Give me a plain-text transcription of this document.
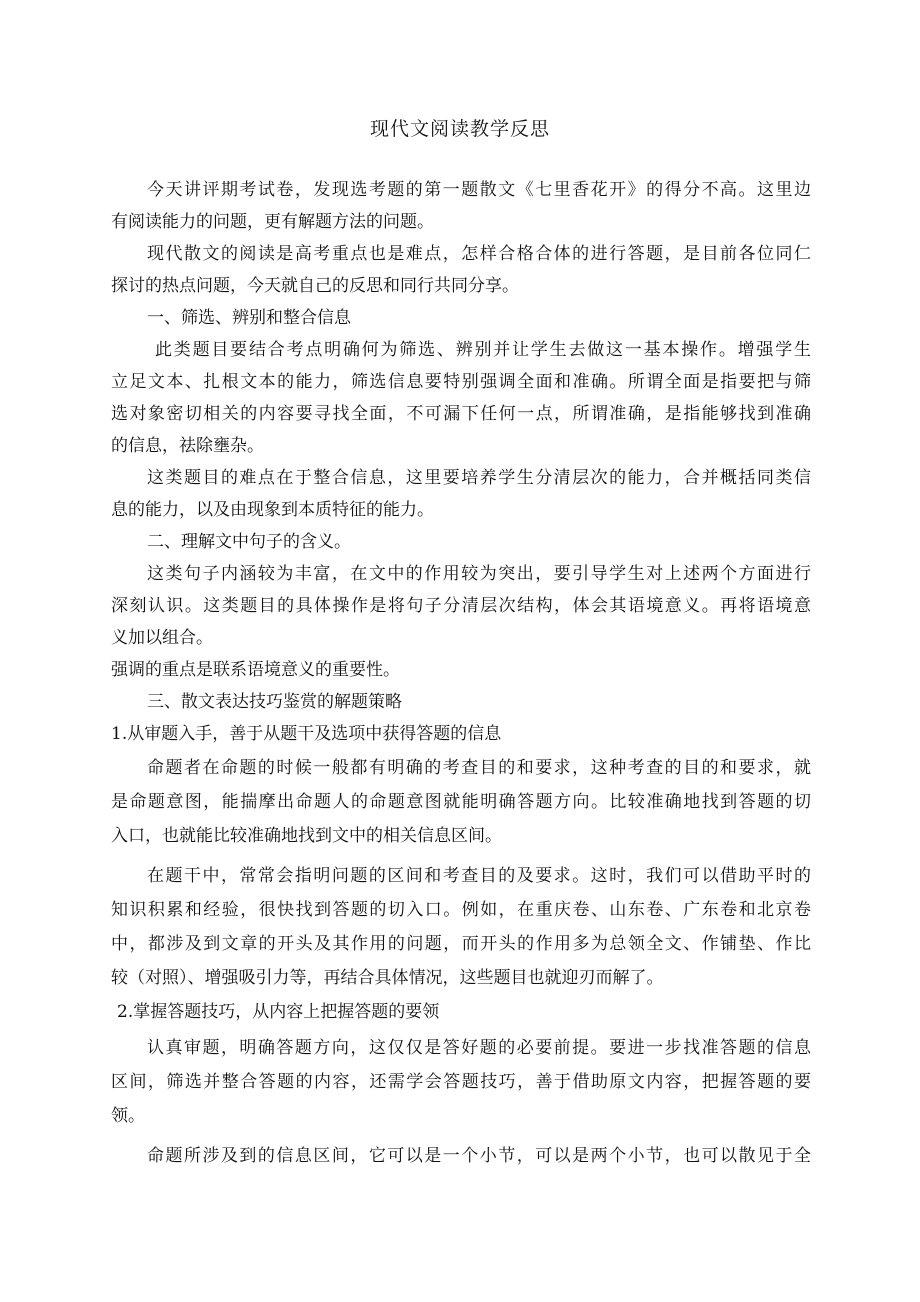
现代文阅读教学反思
今天讲评期考试卷，发现选考题的第一题散文《七里香花开》的得分不高。这里边
有阅读能力的问题，更有解题方法的问题。
现代散文的阅读是高考重点也是难点，怎样合格合体的进行答题，是目前各位同仁
探讨的热点问题，今天就自己的反思和同行共同分享。
一、筛选、辨别和整合信息
此类题目要结合考点明确何为筛选、辨别并让学生去做这一基本操作。增强学生
立足文本、扎根文本的能力，筛选信息要特别强调全面和准确。所谓全面是指要把与筛
选对象密切相关的内容要寻找全面，不可漏下任何一点，所谓准确，是指能够找到准确
的信息，祛除壅杂。
这类题目的难点在于整合信息，这里要培养学生分清层次的能力，合并概括同类信
息的能力，以及由现象到本质特征的能力。
二、理解文中句子的含义。
这类句子内涵较为丰富，在文中的作用较为突出，要引导学生对上述两个方面进行
深刻认识。这类题目的具体操作是将句子分清层次结构，体会其语境意义。再将语境意
义加以组合。
强调的重点是联系语境意义的重要性。
三、散文表达技巧鉴赏的解题策略
1.从审题入手，善于从题干及选项中获得答题的信息
命题者在命题的时候一般都有明确的考查目的和要求，这种考查的目的和要求，就
是命题意图，能揣摩出命题人的命题意图就能明确答题方向。比较准确地找到答题的切
入口，也就能比较准确地找到文中的相关信息区间。
在题干中，常常会指明问题的区间和考查目的及要求。这时，我们可以借助平时的
知识积累和经验，很快找到答题的切入口。例如，在重庆卷、山东卷、广东卷和北京卷
中，都涉及到文章的开头及其作用的问题，而开头的作用多为总领全文、作铺垫、作比
较（对照）、增强吸引力等，再结合具体情况，这些题目也就迎刃而解了。
2.掌握答题技巧，从内容上把握答题的要领
认真审题，明确答题方向，这仅仅是答好题的必要前提。要进一步找准答题的信息
区间，筛选并整合答题的内容，还需学会答题技巧，善于借助原文内容，把握答题的要
领。
命题所涉及到的信息区间，它可以是一个小节，可以是两个小节，也可以散见于全
